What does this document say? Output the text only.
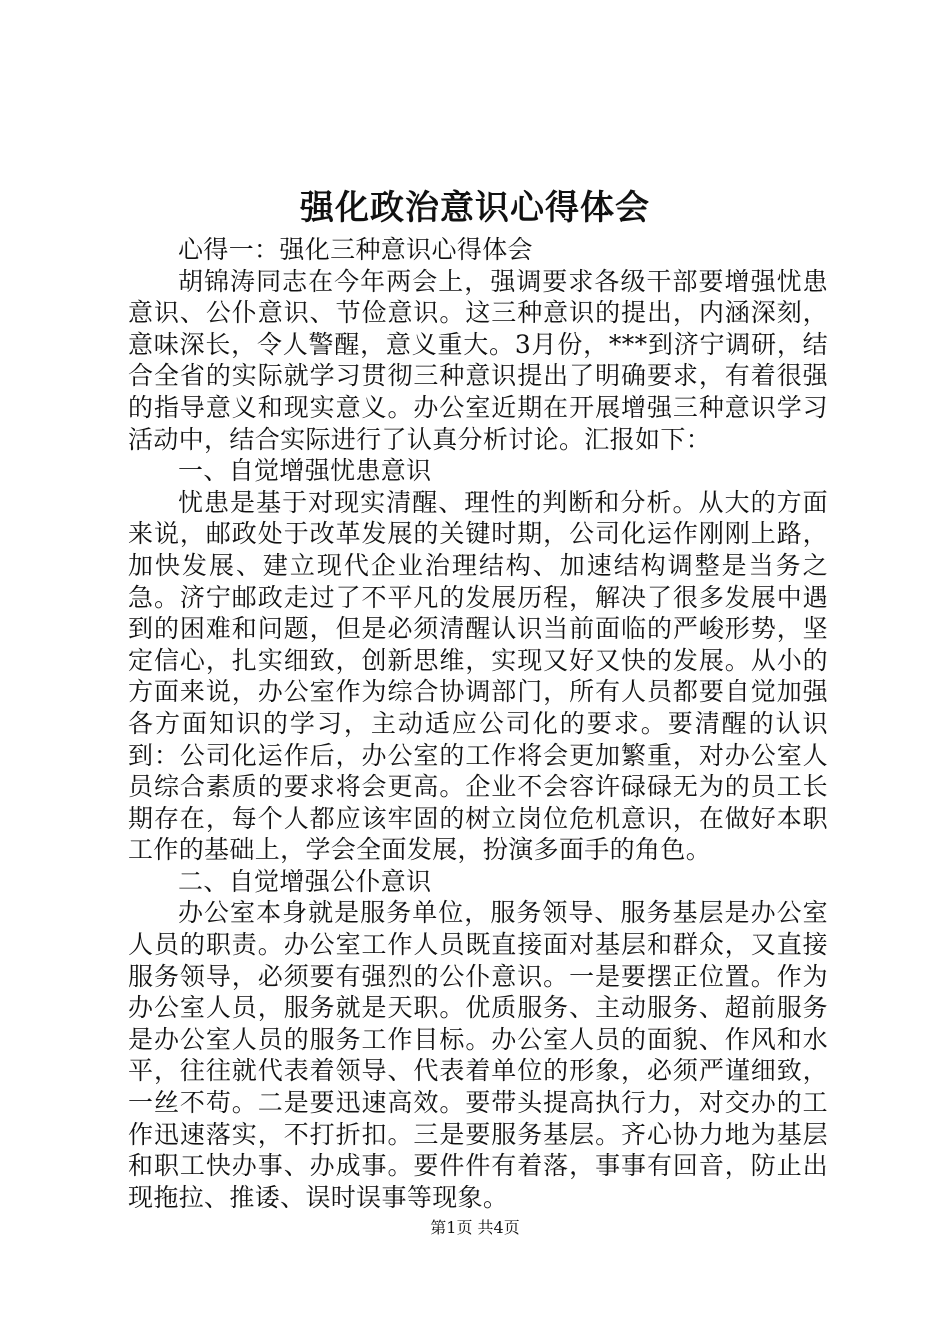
强化政治意识心得体会

心得一：强化三种意识心得体会

胡锦涛同志在今年两会上，强调要求各级干部要增强忧患意识、公仆意识、节俭意识。这三种意识的提出，内涵深刻，意味深长，令人警醒，意义重大。3月份，***到济宁调研，结合全省的实际就学习贯彻三种意识提出了明确要求，有着很强的指导意义和现实意义。办公室近期在开展增强三种意识学习活动中，结合实际进行了认真分析讨论。汇报如下：

一、自觉增强忧患意识

忧患是基于对现实清醒、理性的判断和分析。从大的方面来说，邮政处于改革发展的关键时期，公司化运作刚刚上路，加快发展、建立现代企业治理结构、加速结构调整是当务之急。济宁邮政走过了不平凡的发展历程，解决了很多发展中遇到的困难和问题，但是必须清醒认识当前面临的严峻形势，坚定信心，扎实细致，创新思维，实现又好又快的发展。从小的方面来说，办公室作为综合协调部门，所有人员都要自觉加强各方面知识的学习，主动适应公司化的要求。要清醒的认识到：公司化运作后，办公室的工作将会更加繁重，对办公室人员综合素质的要求将会更高。企业不会容许碌碌无为的员工长期存在，每个人都应该牢固的树立岗位危机意识，在做好本职工作的基础上，学会全面发展，扮演多面手的角色。

二、自觉增强公仆意识

办公室本身就是服务单位，服务领导、服务基层是办公室人员的职责。办公室工作人员既直接面对基层和群众，又直接服务领导，必须要有强烈的公仆意识。一是要摆正位置。作为办公室人员，服务就是天职。优质服务、主动服务、超前服务是办公室人员的服务工作目标。办公室人员的面貌、作风和水平，往往就代表着领导、代表着单位的形象，必须严谨细致，一丝不苟。二是要迅速高效。要带头提高执行力，对交办的工作迅速落实，不打折扣。三是要服务基层。齐心协力地为基层和职工快办事、办成事。要件件有着落，事事有回音，防止出现拖拉、推诿、误时误事等现象。

第1页 共4页
